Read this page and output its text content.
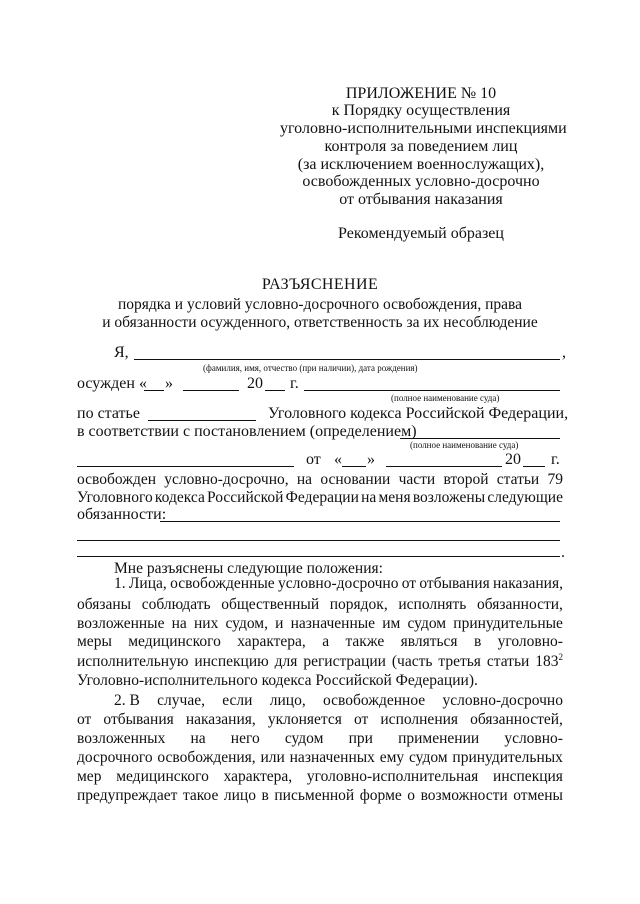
ПРИЛОЖЕНИЕ № 10
к Порядку осуществления
уголовно-исполнительными инспекциями
контроля за поведением лиц
(за исключением военнослужащих),
освобожденных условно-досрочно
от отбывания наказания
Рекомендуемый образец
РАЗЪЯСНЕНИЕ
порядка и условий условно-досрочного освобождения, права
и обязанности осужденного, ответственность за их несоблюдение
Я,	,
(фамилия, имя, отчество (при наличии), дата рождения)
осужден « »	20 г.
(полное наименование суда)
по статье	Уголовного кодекса Российской Федерации,
в соответствии с постановлением (определением)
(полное наименование суда)
от « »	20 г.
освобожден условно-досрочно, на основании части второй статьи 79
Уголовного кодекса Российской Федерации на меня возложены следующие
обязанности:
.
Мне разъяснены следующие положения:
1. Лица, освобожденные условно-досрочно от отбывания наказания,
обязаны соблюдать общественный порядок, исполнять обязанности,
возложенные на них судом, и назначенные им судом принудительные
меры медицинского характера, а также являться в уголовно-
исполнительную инспекцию для регистрации (часть третья статьи $183^2$
Уголовно-исполнительного кодекса Российской Федерации).
2. В случае, если лицо, освобожденное условно-досрочно
от отбывания наказания, уклоняется от исполнения обязанностей,
возложенных на него судом при применении условно-
досрочного освобождения, или назначенных ему судом принудительных
мер медицинского характера, уголовно-исполнительная инспекция
предупреждает такое лицо в письменной форме о возможности отмены
